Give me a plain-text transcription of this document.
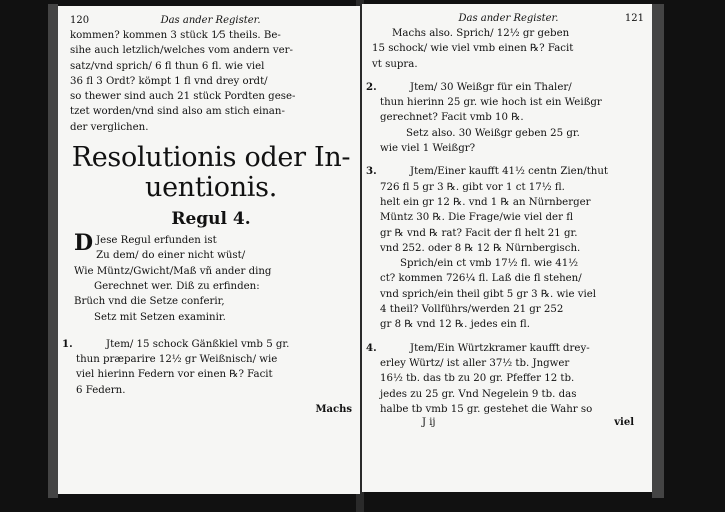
120	Das ander Register.
kommen? kommen 3 stück 1⁄5 theils. Be-
sihe auch letzlich/welches vom andern ver-
satz/vnd sprich/ 6 fl thun 6 fl. wie viel
36 fl 3 Ordt? kömpt 1 fl vnd drey ordt/
so thewer sind auch 21 stück Pordten gese-
tzet worden/vnd sind also am stich einan-
der verglichen.
Resolutionis oder In-
uentionis.
Regul 4.
D Jese Regul erfunden ist
Zu dem/ do einer nicht wüst/
Wie Müntz/Gwicht/Maß vñ ander ding
Gerechnet wer. Diß zu erfinden:
Brüch vnd die Setze conferir,
Setz mit Setzen examinir.
1.	Jtem/ 15 schock Gänßkiel vmb 5 gr.
thun præparire 12½ gr Weißnisch/ wie
viel hierinn Federn vor einen ℞? Facit
6 Federn.
Machs
Das ander Register.	121
Machs also. Sprich/ 12½ gr geben
15 schock/ wie viel vmb einen ℞? Facit
vt supra.
2.	Jtem/ 30 Weißgr für ein Thaler/
thun hierinn 25 gr. wie hoch ist ein Weißgr
gerechnet? Facit vmb 10 ℞.
Setz also. 30 Weißgr geben 25 gr.
wie viel 1 Weißgr?
3.	Jtem/Einer kaufft 41½ centn Zien/thut
726 fl 5 gr 3 ℞. gibt vor 1 ct 17½ fl.
helt ein gr 12 ℞. vnd 1 ℞ an Nürnberger
Müntz 30 ℞. Die Frage/wie viel der fl
gr ℞ vnd ℞ rat? Facit der fl helt 21 gr.
vnd 252. oder 8 ℞ 12 ℞ Nürnbergisch.
Sprich/ein ct vmb 17½ fl. wie 41½
ct? kommen 726¼ fl. Laß die fl stehen/
vnd sprich/ein theil gibt 5 gr 3 ℞. wie viel
4 theil? Vollführs/werden 21 gr 252
gr 8 ℞ vnd 12 ℞. jedes ein fl.
4.	Jtem/Ein Würtzkramer kaufft drey-
erley Würtz/ ist aller 37½ tb. Jngwer
16½ tb. das tb zu 20 gr. Pfeffer 12 tb.
jedes zu 25 gr. Vnd Negelein 9 tb. das
halbe tb vmb 15 gr. gestehet die Wahr so
J ij	viel
